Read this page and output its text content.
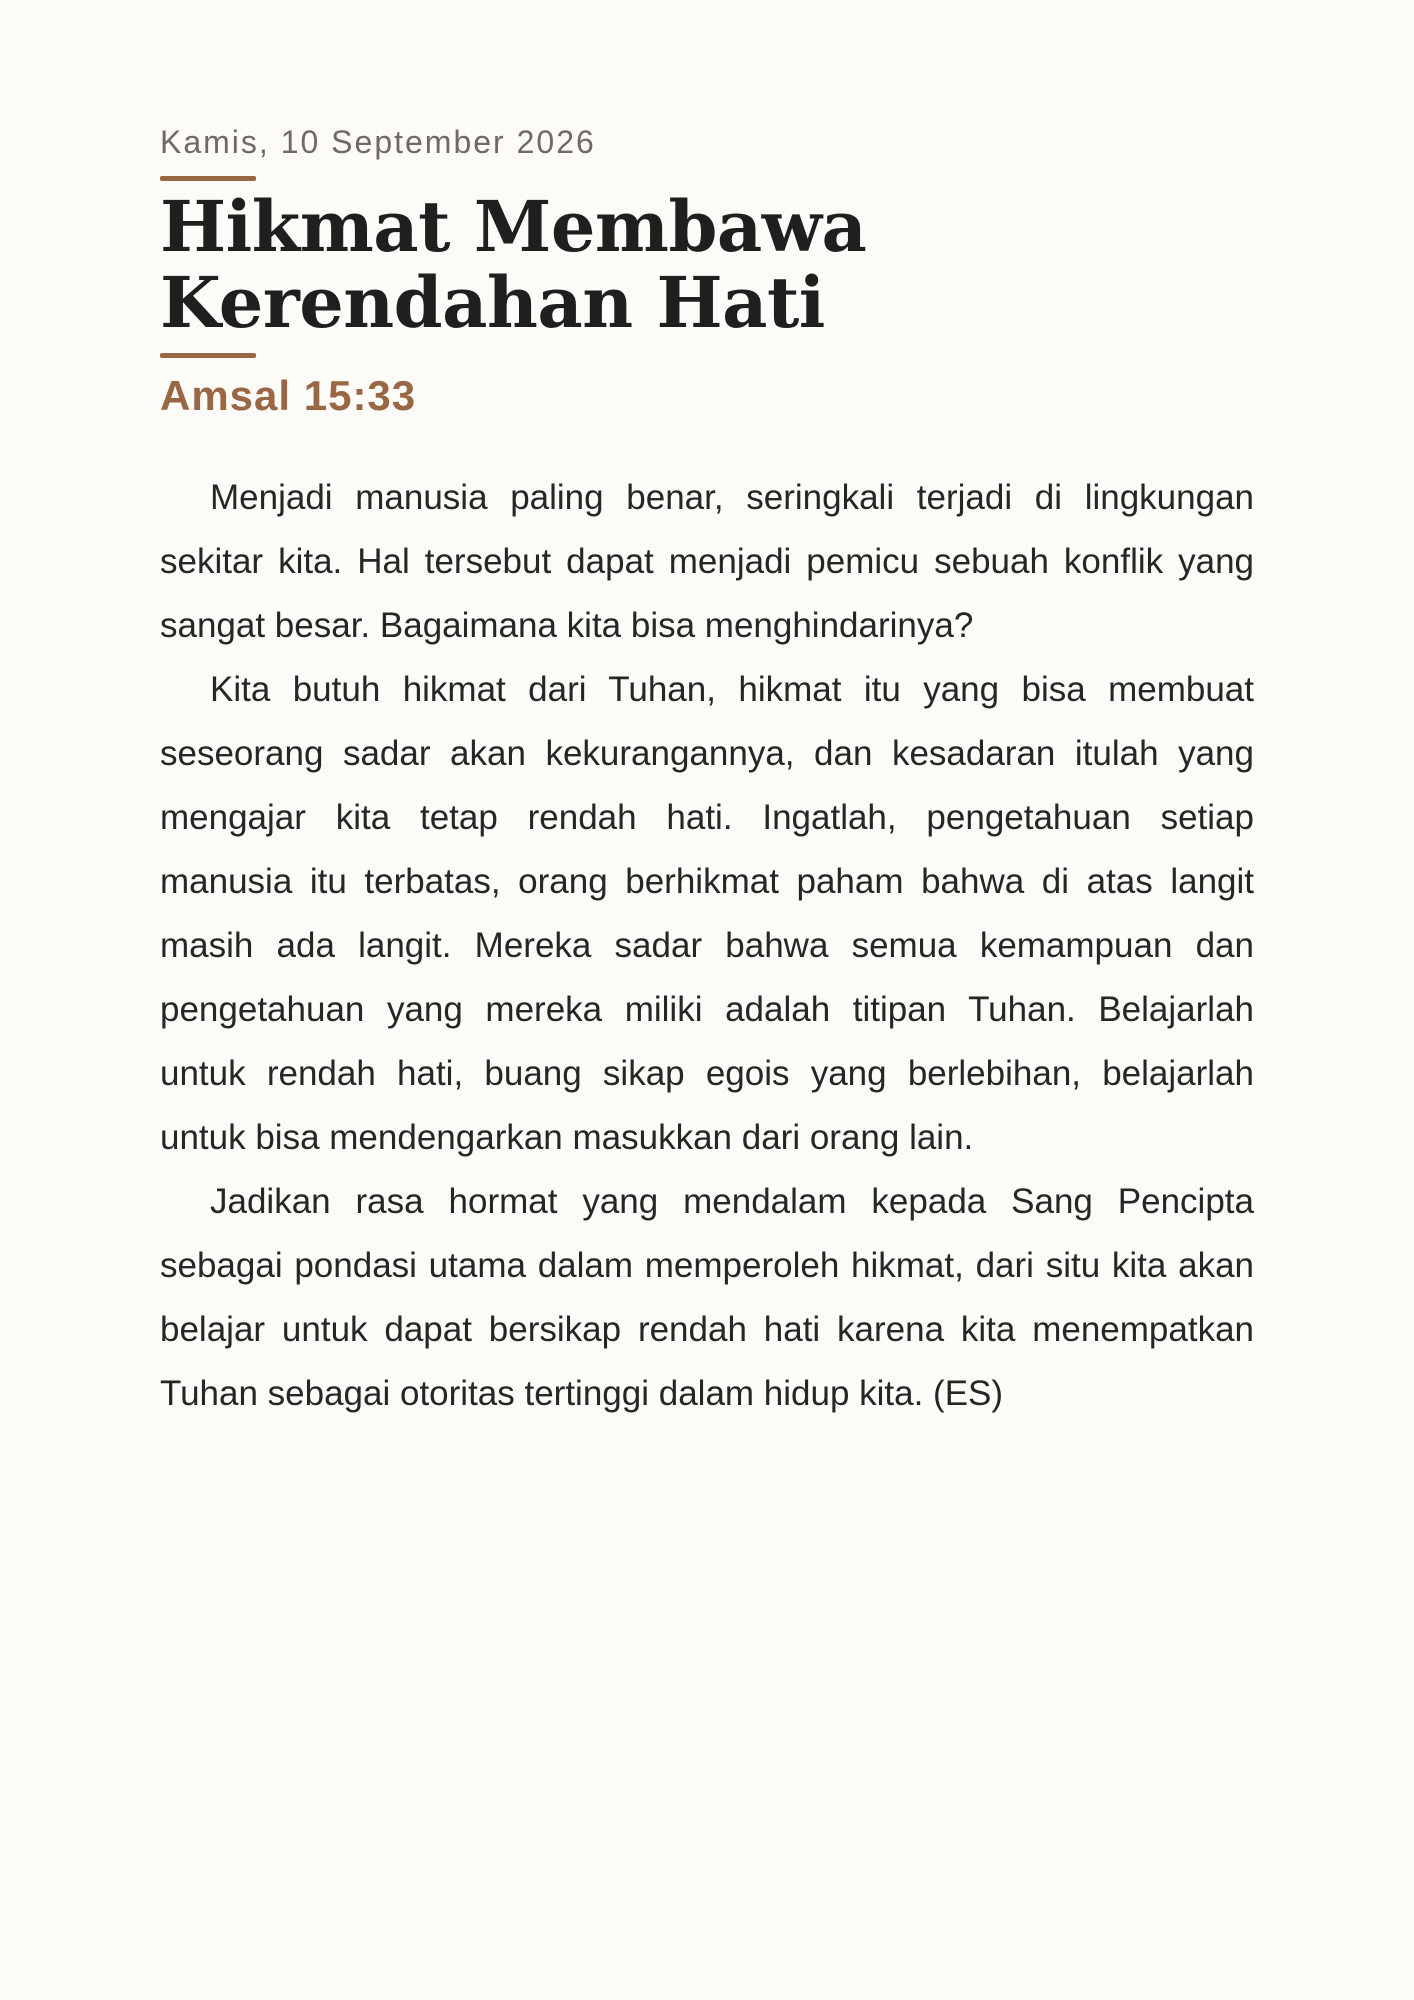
Kamis, 10 September 2026

Hikmat Membawa
Kerendahan Hati
Amsal 15:33

Menjadi manusia paling benar, seringkali terjadi di lingkungan sekitar kita. Hal tersebut dapat menjadi pemicu sebuah konflik yang sangat besar. Bagaimana kita bisa menghindarinya?

Kita butuh hikmat dari Tuhan, hikmat itu yang bisa membuat seseorang sadar akan kekurangannya, dan kesadaran itulah yang mengajar kita tetap rendah hati. Ingatlah, pengetahuan setiap manusia itu terbatas, orang berhikmat paham bahwa di atas langit masih ada langit. Mereka sadar bahwa semua kemampuan dan pengetahuan yang mereka miliki adalah titipan Tuhan. Belajarlah untuk rendah hati, buang sikap egois yang berlebihan, belajarlah untuk bisa mendengarkan masukkan dari orang lain.

Jadikan rasa hormat yang mendalam kepada Sang Pencipta sebagai pondasi utama dalam memperoleh hikmat, dari situ kita akan belajar untuk dapat bersikap rendah hati karena kita menempatkan Tuhan sebagai otoritas tertinggi dalam hidup kita. (ES)
